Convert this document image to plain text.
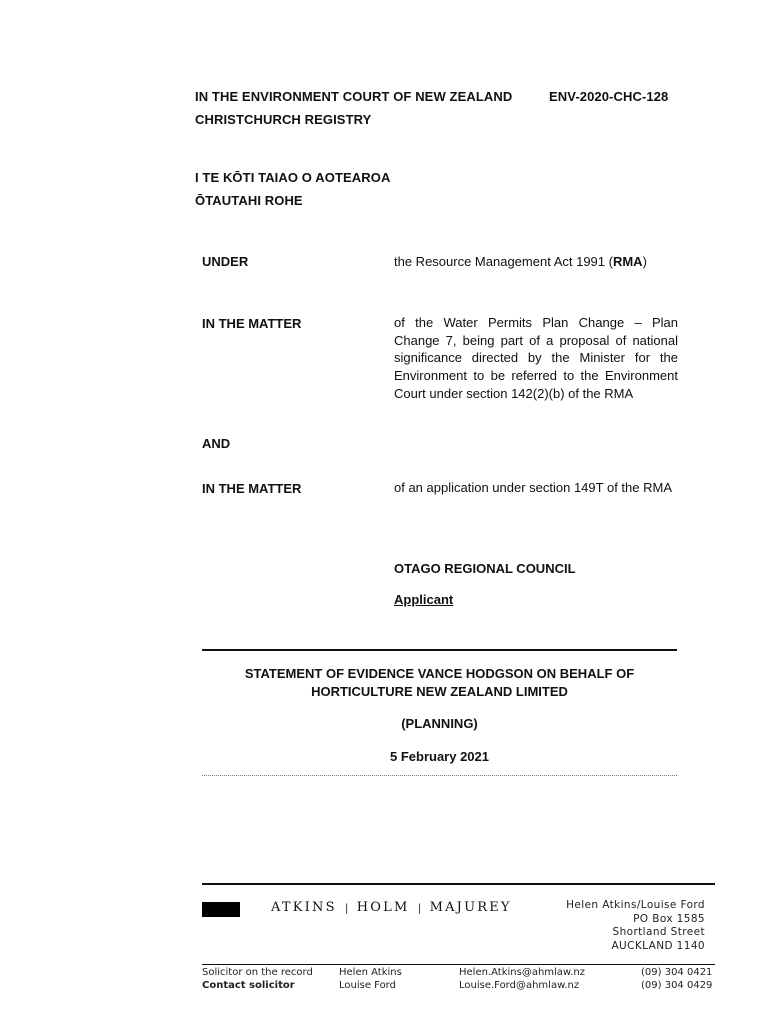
IN THE ENVIRONMENT COURT OF NEW ZEALAND	ENV-2020-CHC-128
CHRISTCHURCH REGISTRY
I TE KŌTI TAIAO O AOTEAROA
ŌTAUTAHI ROHE
UNDER	the Resource Management Act 1991 (RMA)
IN THE MATTER	of the Water Permits Plan Change – Plan Change 7, being part of a proposal of national significance directed by the Minister for the Environment to be referred to the Environment Court under section 142(2)(b) of the RMA
AND
IN THE MATTER	of an application under section 149T of the RMA
OTAGO REGIONAL COUNCIL
Applicant
STATEMENT OF EVIDENCE VANCE HODGSON ON BEHALF OF
HORTICULTURE NEW ZEALAND LIMITED
(PLANNING)
5 February 2021
ATKINS | HOLM | MAJUREY	Helen Atkins/Louise Ford
PO Box 1585
Shortland Street
AUCKLAND 1140
Solicitor on the record	Helen Atkins	Helen.Atkins@ahmlaw.nz	(09) 304 0421
Contact solicitor	Louise Ford	Louise.Ford@ahmlaw.nz	(09) 304 0429
